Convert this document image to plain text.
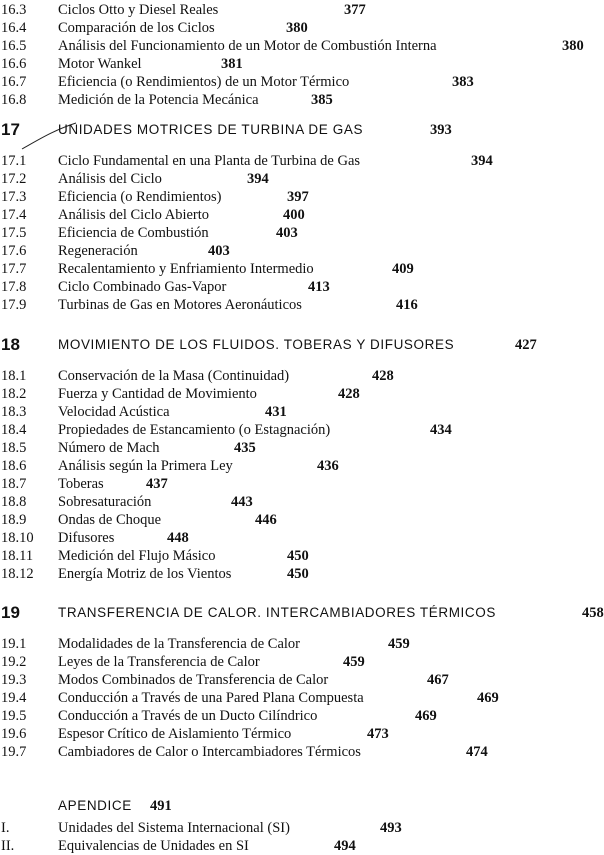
16.3 Ciclos Otto y Diesel Reales	377
16.4 Comparación de los Ciclos	380
16.5 Análisis del Funcionamiento de un Motor de Combustión Interna	380
16.6 Motor Wankel	381
16.7 Eficiencia (o Rendimientos) de un Motor Térmico	383
16.8 Medición de la Potencia Mecánica	385
17	UNIDADES MOTRICES DE TURBINA DE GAS	393
17.1 Ciclo Fundamental en una Planta de Turbina de Gas	394
17.2 Análisis del Ciclo	394
17.3 Eficiencia (o Rendimientos)	397
17.4 Análisis del Ciclo Abierto	400
17.5 Eficiencia de Combustión	403
17.6 Regeneración	403
17.7 Recalentamiento y Enfriamiento Intermedio	409
17.8 Ciclo Combinado Gas-Vapor	413
17.9 Turbinas de Gas en Motores Aeronáuticos	416
18	MOVIMIENTO DE LOS FLUIDOS. TOBERAS Y DIFUSORES	427
18.1 Conservación de la Masa (Continuidad)	428
18.2 Fuerza y Cantidad de Movimiento	428
18.3 Velocidad Acústica	431
18.4 Propiedades de Estancamiento (o Estagnación)	434
18.5 Número de Mach	435
18.6 Análisis según la Primera Ley	436
18.7 Toberas	437
18.8 Sobresaturación	443
18.9 Ondas de Choque	446
18.10 Difusores	448
18.11 Medición del Flujo Másico	450
18.12 Energía Motriz de los Vientos	450
19	TRANSFERENCIA DE CALOR. INTERCAMBIADORES TÉRMICOS	458
19.1 Modalidades de la Transferencia de Calor	459
19.2 Leyes de la Transferencia de Calor	459
19.3 Modos Combinados de Transferencia de Calor	467
19.4 Conducción a Través de una Pared Plana Compuesta	469
19.5 Conducción a Través de un Ducto Cilíndrico	469
19.6 Espesor Crítico de Aislamiento Térmico	473
19.7 Cambiadores de Calor o Intercambiadores Térmicos	474
APENDICE 491
I.	Unidades del Sistema Internacional (SI)	493
II.	Equivalencias de Unidades en SI	494
